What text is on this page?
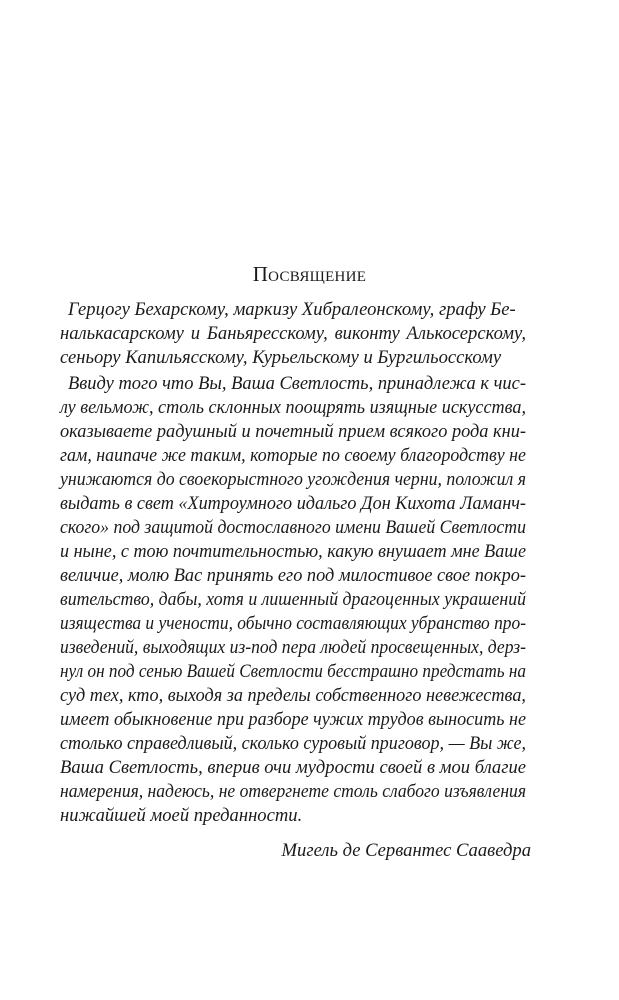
Посвящение
Герцогу Бехарскому, маркизу Хибралеонскому, графу Бе-
налькасарскому и Баньяресскому, виконту Алькосерскому,
сеньору Капильясскому, Курьельскому и Бургильосскому
Ввиду того что Вы, Ваша Светлость, принадлежа к чис-
лу вельмож, столь склонных поощрять изящные искусства,
оказываете радушный и почетный прием всякого рода кни-
гам, наипаче же таким, которые по своему благородству не
унижаются до своекорыстного угождения черни, положил я
выдать в свет «Хитроумного идальго Дон Кихота Ламанч-
ского» под защитой достославного имени Вашей Светлости
и ныне, с тою почтительностью, какую внушает мне Ваше
величие, молю Вас принять его под милостивое свое покро-
вительство, дабы, хотя и лишенный драгоценных украшений
изящества и учености, обычно составляющих убранство про-
изведений, выходящих из-под пера людей просвещенных, дерз-
нул он под сенью Вашей Светлости бесстрашно предстать на
суд тех, кто, выходя за пределы собственного невежества,
имеет обыкновение при разборе чужих трудов выносить не
столько справедливый, сколько суровый приговор, — Вы же,
Ваша Светлость, вперив очи мудрости своей в мои благие
намерения, надеюсь, не отвергнете столь слабого изъявления
нижайшей моей преданности.
Мигель де Сервантес Сааведра
